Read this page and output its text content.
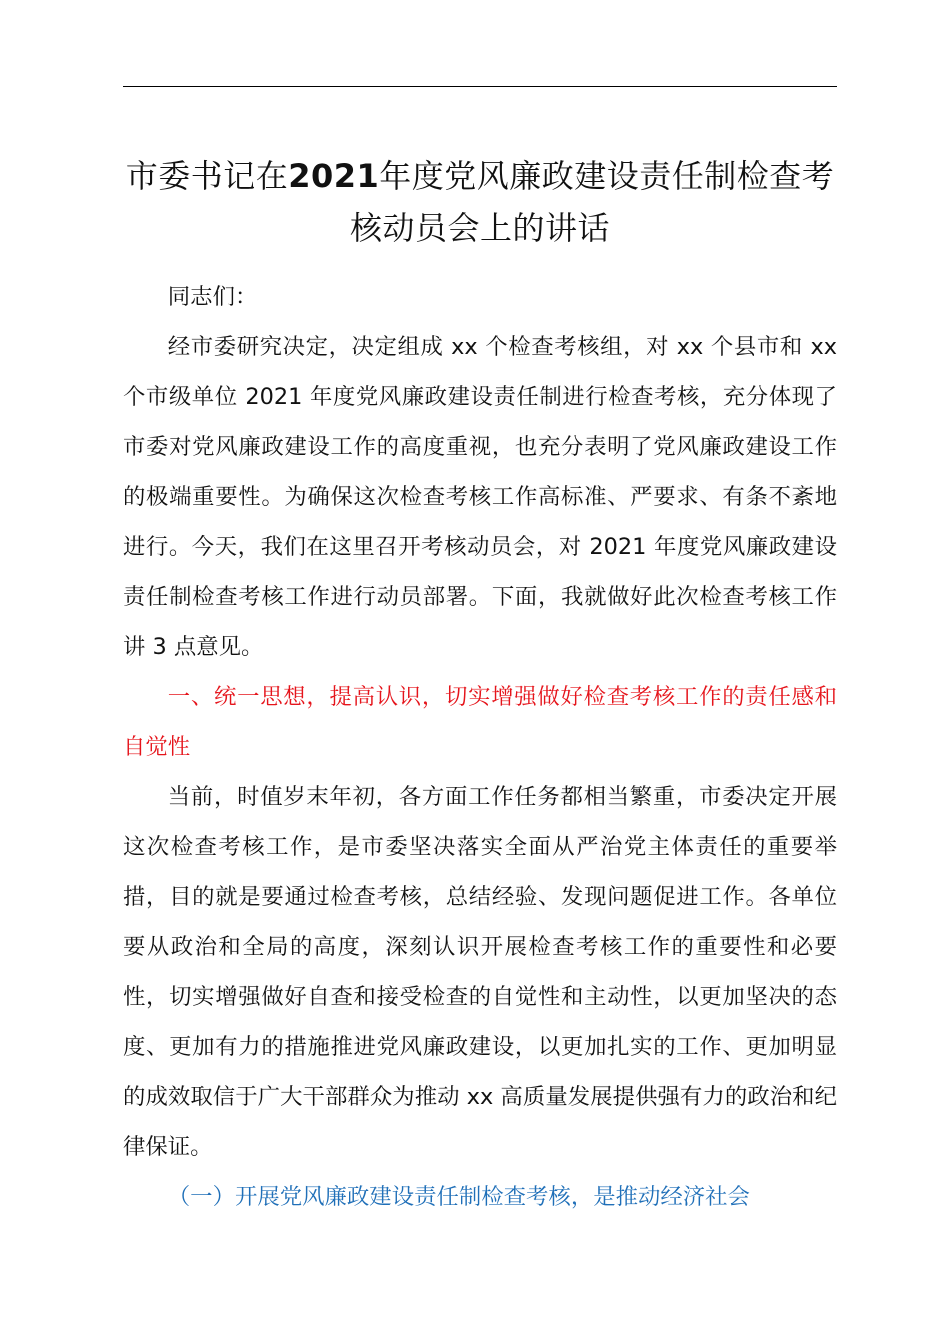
市委书记在2021年度党风廉政建设责任制检查考核动员会上的讲话

同志们：

经市委研究决定，决定组成 xx 个检查考核组，对 xx 个县市和 xx 个市级单位 2021 年度党风廉政建设责任制进行检查考核，充分体现了市委对党风廉政建设工作的高度重视，也充分表明了党风廉政建设工作的极端重要性。为确保这次检查考核工作高标准、严要求、有条不紊地进行。今天，我们在这里召开考核动员会，对 2021 年度党风廉政建设责任制检查考核工作进行动员部署。下面，我就做好此次检查考核工作讲 3 点意见。

一、统一思想，提高认识，切实增强做好检查考核工作的责任感和自觉性

当前，时值岁末年初，各方面工作任务都相当繁重，市委决定开展这次检查考核工作，是市委坚决落实全面从严治党主体责任的重要举措，目的就是要通过检查考核，总结经验、发现问题促进工作。各单位要从政治和全局的高度，深刻认识开展检查考核工作的重要性和必要性，切实增强做好自查和接受检查的自觉性和主动性，以更加坚决的态度、更加有力的措施推进党风廉政建设，以更加扎实的工作、更加明显的成效取信于广大干部群众为推动 xx 高质量发展提供强有力的政治和纪律保证。

（一）开展党风廉政建设责任制检查考核，是推动经济社会
